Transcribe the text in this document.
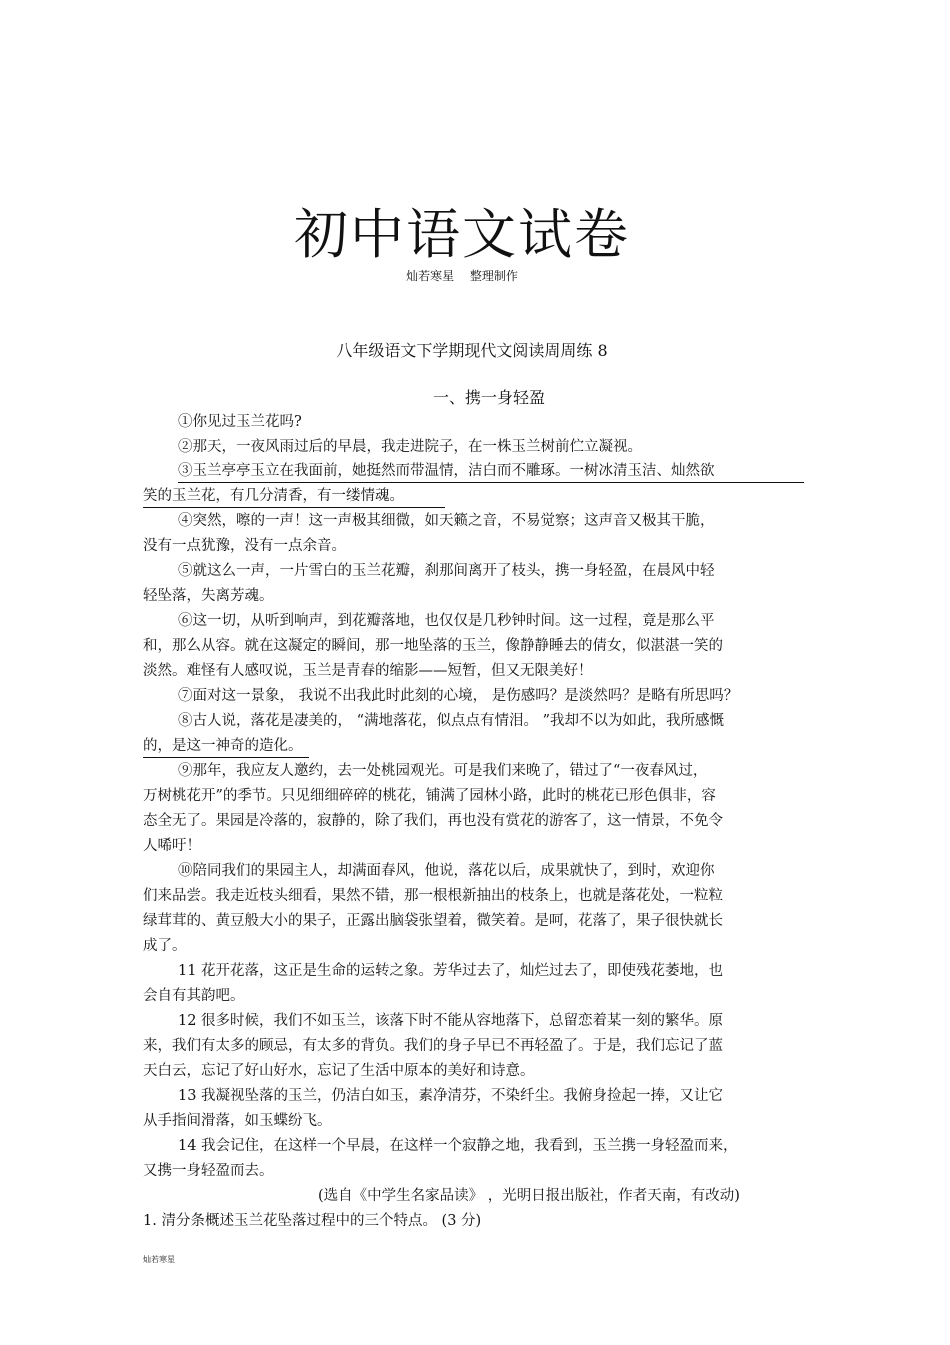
初中语文试卷
灿若寒星 整理制作
八年级语文下学期现代文阅读周周练 8
一、携一身轻盈
①你见过玉兰花吗?
②那天，一夜风雨过后的早晨，我走进院子，在一株玉兰树前伫立凝视。
③玉兰亭亭玉立在我面前，她挺然而带温情，洁白而不雕琢。一树冰清玉洁、灿然欲
笑的玉兰花，有几分清香，有一缕情魂。
④突然，嚓的一声！这一声极其细微，如天籁之音，不易觉察；这声音又极其干脆，
没有一点犹豫，没有一点余音。
⑤就这么一声，一片雪白的玉兰花瓣，刹那间离开了枝头，携一身轻盈，在晨风中轻
轻坠落，失离芳魂。
⑥这一切，从听到响声，到花瓣落地，也仅仅是几秒钟时间。这一过程，竟是那么平
和，那么从容。就在这凝定的瞬间，那一地坠落的玉兰，像静静睡去的倩女，似湛湛一笑的
淡然。难怪有人感叹说，玉兰是青春的缩影——短暂，但又无限美好！
⑦面对这一景象， 我说不出我此时此刻的心境， 是伤感吗？是淡然吗？是略有所思吗？
⑧古人说，落花是凄美的， “满地落花，似点点有情泪。 ”我却不以为如此，我所感慨
的，是这一神奇的造化。
⑨那年，我应友人邀约，去一处桃园观光。可是我们来晚了，错过了“一夜春风过，
万树桃花开”的季节。只见细细碎碎的桃花，铺满了园林小路，此时的桃花已形色俱非，容
态全无了。果园是冷落的，寂静的，除了我们，再也没有赏花的游客了，这一情景，不免令
人唏吁！
⑩陪同我们的果园主人，却满面春风，他说，落花以后，成果就快了，到时，欢迎你
们来品尝。我走近枝头细看，果然不错，那一根根新抽出的枝条上，也就是落花处，一粒粒
绿茸茸的、黄豆般大小的果子，正露出脑袋张望着，微笑着。是呵，花落了，果子很快就长
成了。
11 花开花落，这正是生命的运转之象。芳华过去了，灿烂过去了，即使残花萎地，也
会自有其韵吧。
12 很多时候，我们不如玉兰，该落下时不能从容地落下，总留恋着某一刻的繁华。原
来，我们有太多的顾忌，有太多的背负。我们的身子早已不再轻盈了。于是，我们忘记了蓝
天白云，忘记了好山好水，忘记了生活中原本的美好和诗意。
13 我凝视坠落的玉兰，仍洁白如玉，素净清芬，不染纤尘。我俯身捡起一捧，又让它
从手指间滑落，如玉蝶纷飞。
14 我会记住，在这样一个早晨，在这样一个寂静之地，我看到，玉兰携一身轻盈而来，
又携一身轻盈而去。
(选自《中学生名家品读》 ，光明日报出版社，作者天南，有改动)
1. 清分条概述玉兰花坠落过程中的三个特点。 (3 分)
灿若寒星
